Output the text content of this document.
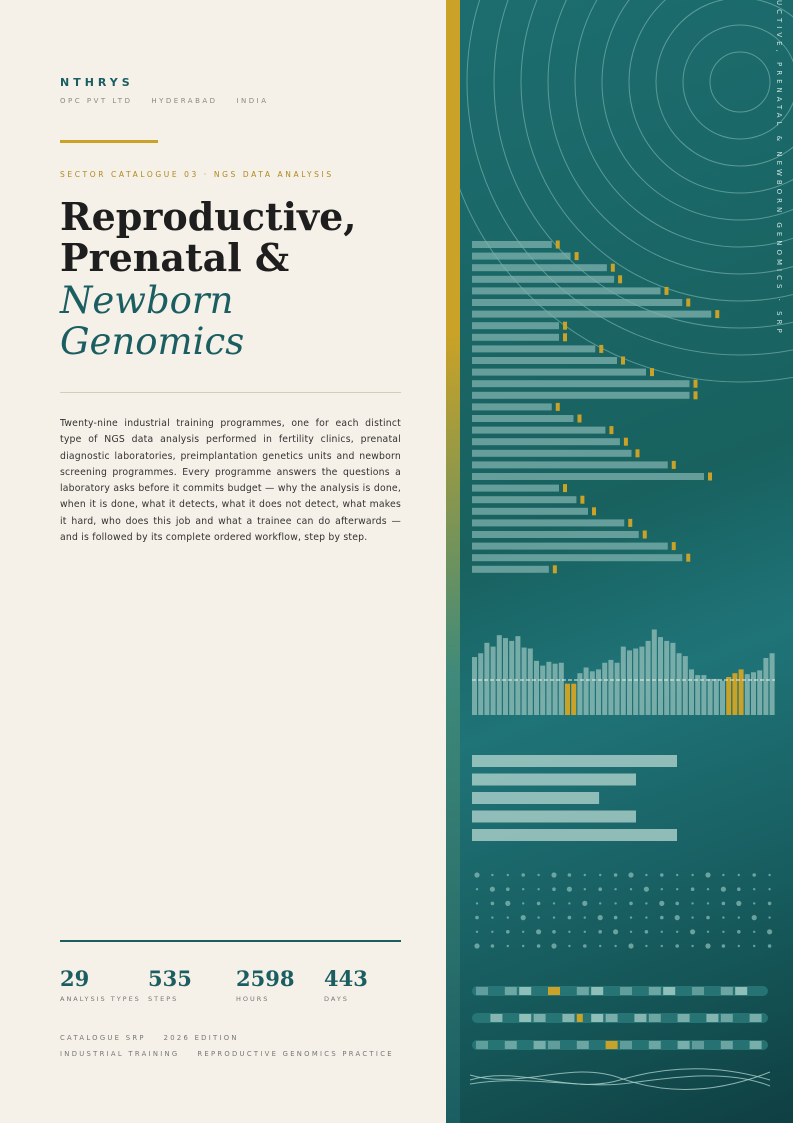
UCTIVE, PRENATAL & NEWBORN GENOMICS · SRP
NTHRYS
OPC PVT LTD    HYDERABAD    INDIA
SECTOR CATALOGUE 03 · NGS DATA ANALYSIS
Reproductive,
Prenatal &
Newborn
Genomics
Twenty-nine industrial training programmes, one for each distinct type of NGS data analysis performed in fertility clinics, prenatal diagnostic laboratories, preimplantation genetics units and newborn screening programmes. Every programme answers the questions a laboratory asks before it commits budget — why the analysis is done, when it is done, what it detects, what it does not detect, what makes it hard, who does this job and what a trainee can do afterwards — and is followed by its complete ordered workflow, step by step.
29
ANALYSIS TYPES
535
STEPS
2598
HOURS
443
DAYS
CATALOGUE SRP    2026 EDITION
INDUSTRIAL TRAINING    REPRODUCTIVE GENOMICS PRACTICE
